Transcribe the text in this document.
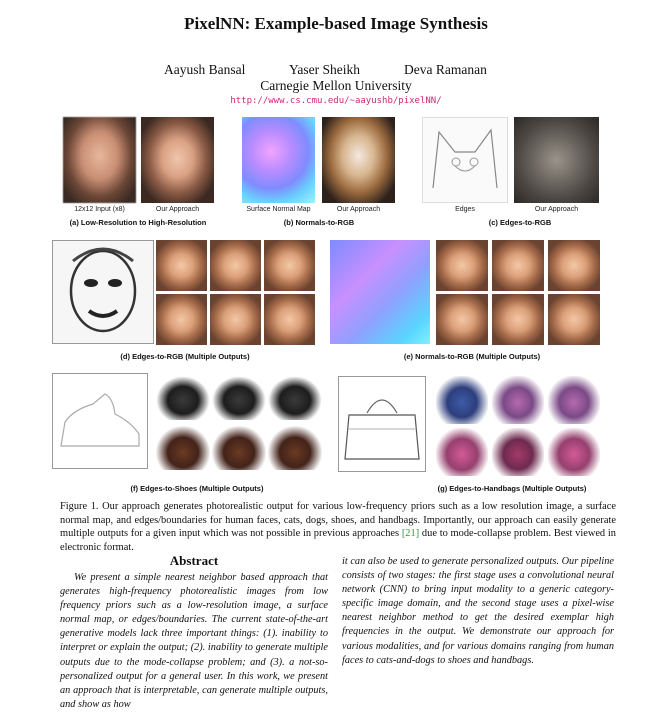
PixelNN: Example-based Image Synthesis
Aayush Bansal	Yaser Sheikh	Deva Ramanan
Carnegie Mellon University
http://www.cs.cmu.edu/~aayushb/pixelNN/
12x12 Input (x8)	Our Approach	Surface Normal Map	Our Approach	Edges	Our Approach
(a) Low-Resolution to High-Resolution	(b) Normals-to-RGB	(c) Edges-to-RGB
(d) Edges-to-RGB (Multiple Outputs)	(e) Normals-to-RGB (Multiple Outputs)
(f) Edges-to-Shoes (Multiple Outputs)	(g) Edges-to-Handbags (Multiple Outputs)
Figure 1. Our approach generates photorealistic output for various low-frequency priors such as a low resolution image, a surface normal map, and edges/boundaries for human faces, cats, dogs, shoes, and handbags. Importantly, our approach can easily generate multiple outputs for a given input which was not possible in previous approaches [21] due to mode-collapse problem. Best viewed in electronic format.
Abstract
We present a simple nearest neighbor based approach that generates high-frequency photorealistic images from low frequency priors such as a low-resolution image, a surface normal map, or edges/boundaries. The current state-of-the-art generative models lack three important things: (1). inability to interpret or explain the output; (2). inability to generate multiple outputs due to the mode-collapse problem; and (3). a not-so-personalized output for a general user. In this work, we present an approach that is interpretable, can generate multiple outputs, and show as how
it can also be used to generate personalized outputs. Our pipeline consists of two stages: the first stage uses a convolutional neural network (CNN) to bring input modality to a generic category-specific image domain, and the second stage uses a pixel-wise nearest neighbor method to get the desired exemplar high frequencies in the output. We demonstrate our approach for various modalities, and for various domains ranging from human faces to cats-and-dogs to shoes and handbags.
